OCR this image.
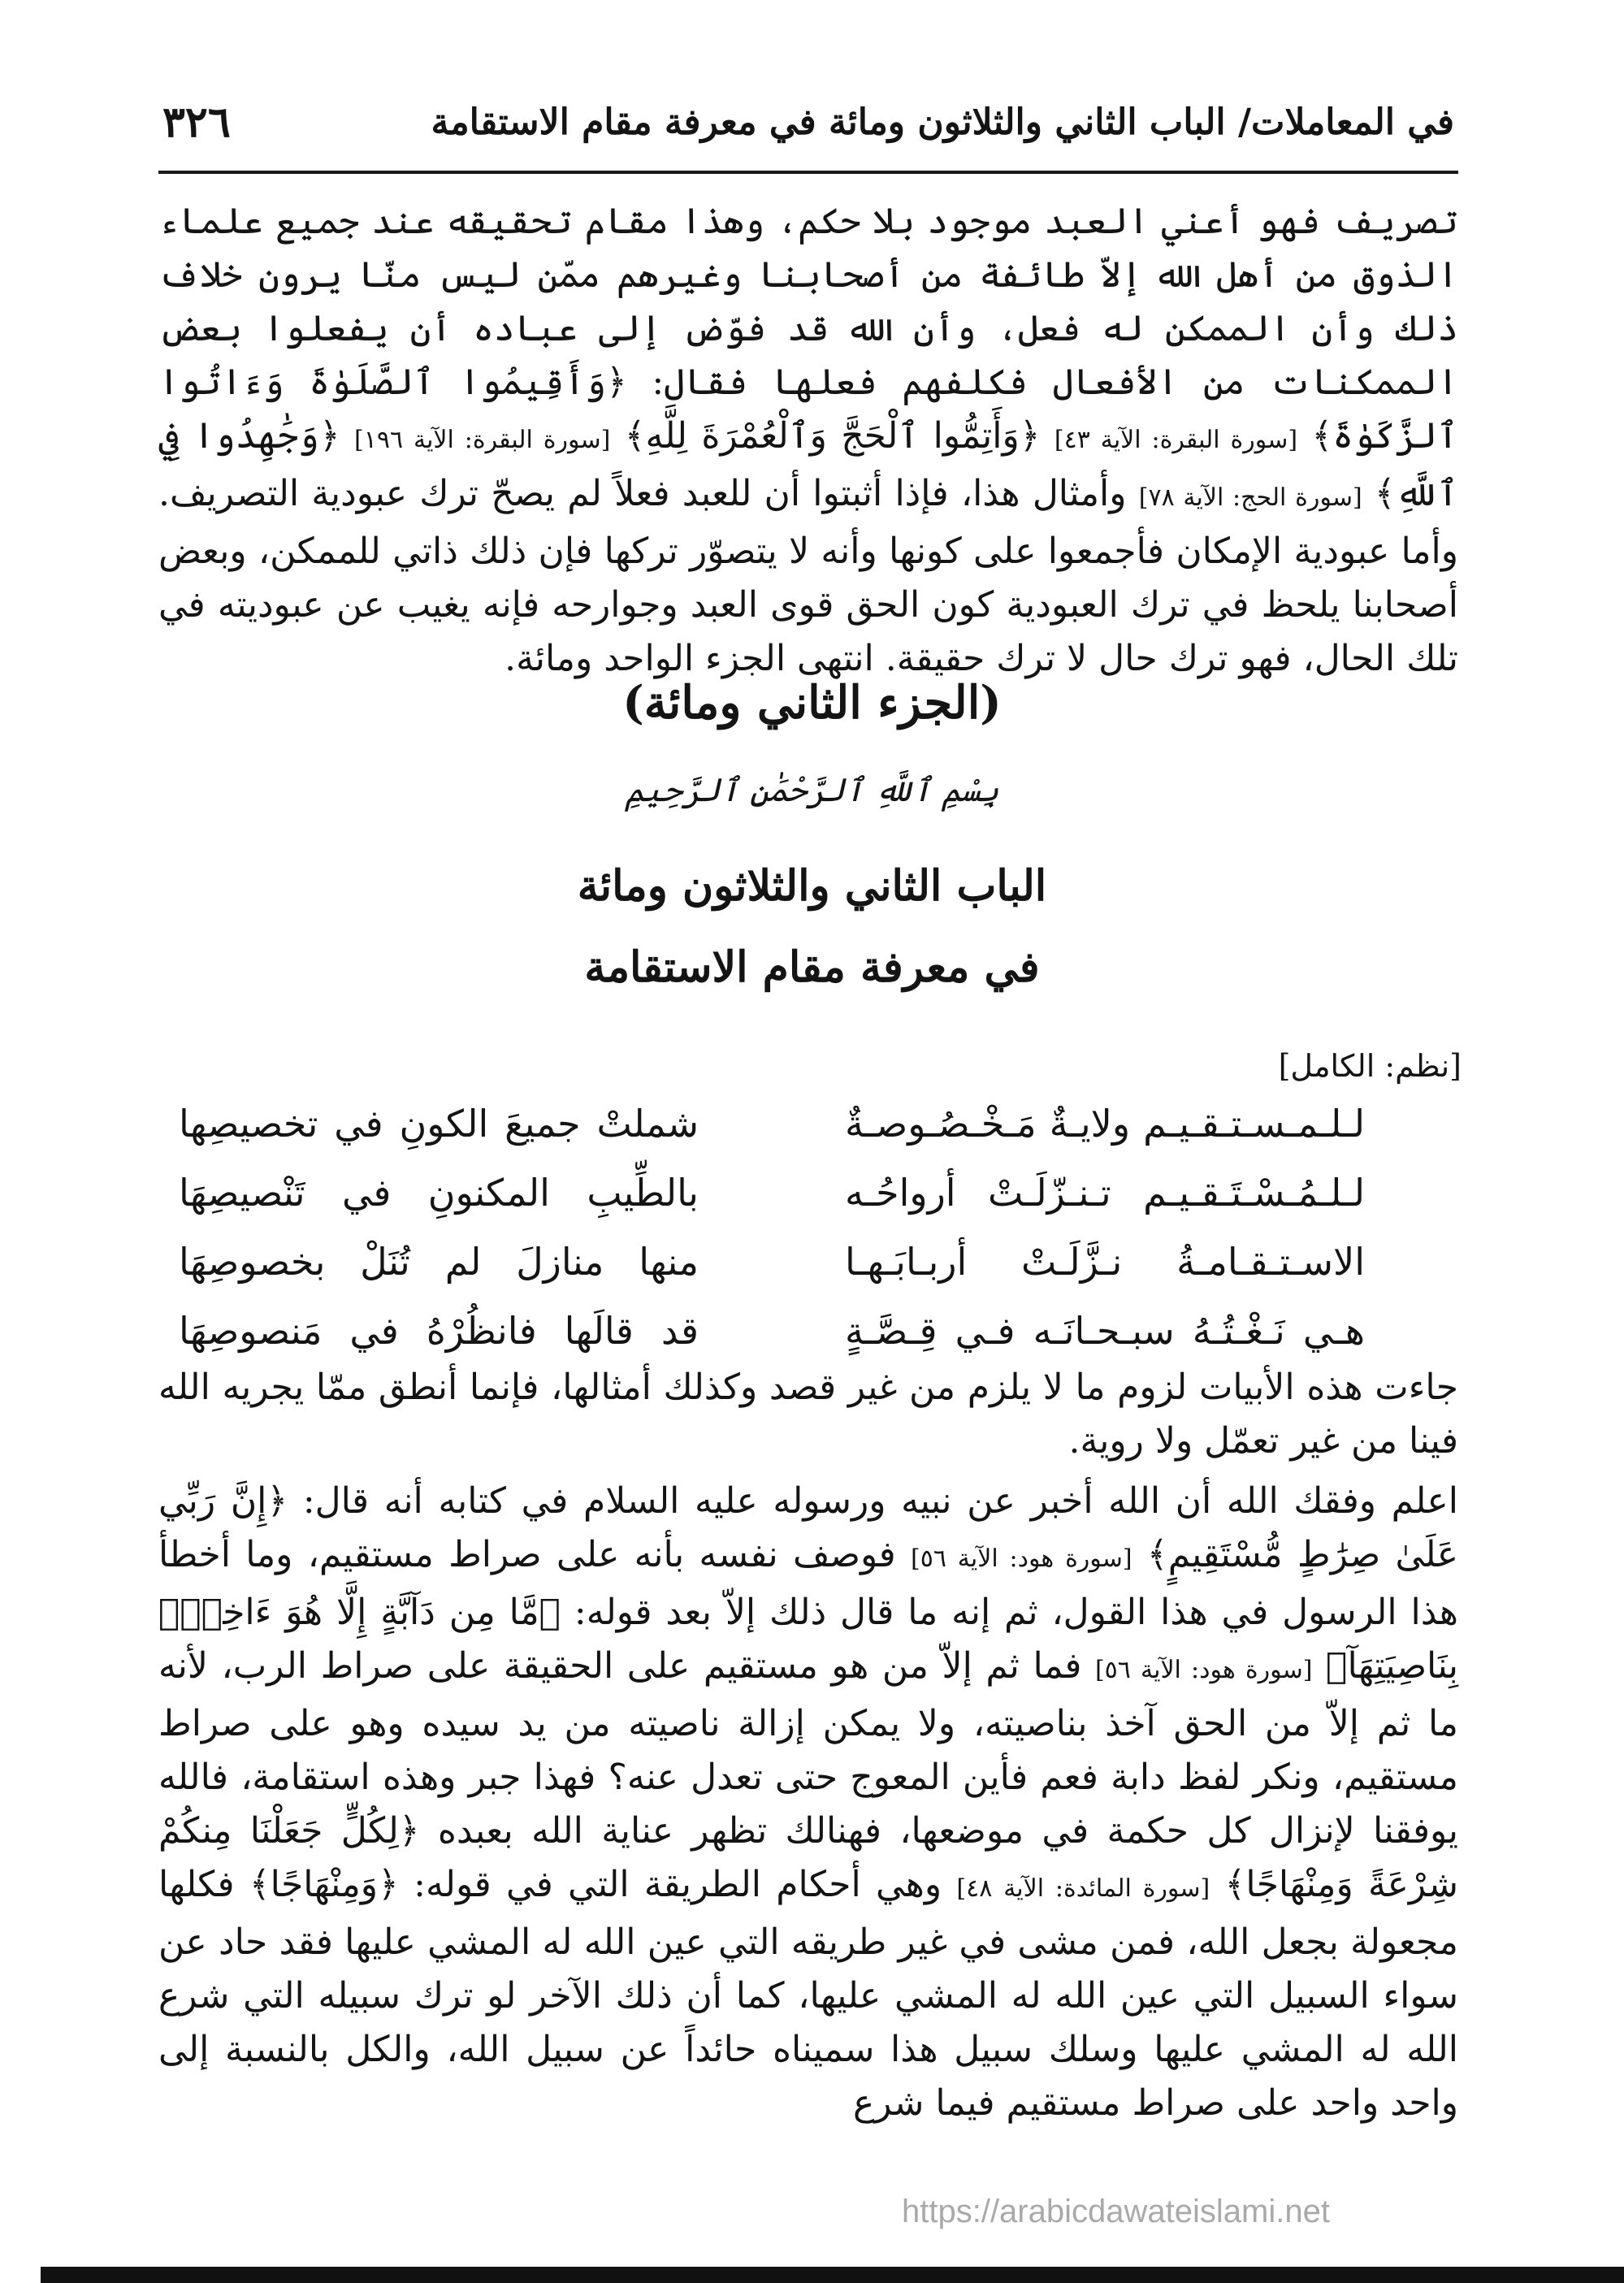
في المعاملات/ الباب الثاني والثلاثون ومائة في معرفة مقام الاستقامة
٣٢٦

تصريف فهو أعني العبد موجود بلا حكم، وهذا مقام تحقيقه عند جميع علماء الذوق من أهل الله إلاّ طائفة من أصحابنا وغيرهم ممّن ليس منّا يرون خلاف ذلك وأن الممكن له فعل، وأن الله قد فوّض إلى عباده أن يفعلوا بعض الممكنات من الأفعال فكلفهم فعلها فقال: ﴿وَأَقِيمُوا ٱلصَّلَوٰةَ وَءَاتُوا ٱلزَّكَوٰةَ﴾ [سورة البقرة: الآية ٤٣] ﴿وَأَتِمُّوا ٱلْحَجَّ وَٱلْعُمْرَةَ لِلَّهِ﴾ [سورة البقرة: الآية ١٩٦] ﴿وَجَٰهِدُوا فِي ٱللَّهِ﴾ [سورة الحج: الآية ٧٨] وأمثال هذا، فإذا أثبتوا أن للعبد فعلاً لم يصحّ ترك عبودية التصريف. وأما عبودية الإمكان فأجمعوا على كونها وأنه لا يتصوّر تركها فإن ذلك ذاتي للممكن، وبعض أصحابنا يلحظ في ترك العبودية كون الحق قوى العبد وجوارحه فإنه يغيب عن عبوديته في تلك الحال، فهو ترك حال لا ترك حقيقة. انتهى الجزء الواحد ومائة.

(الجزء الثاني ومائة)

بِسْمِ ٱللَّهِ ٱلرَّحْمَٰنِ ٱلرَّحِيمِ

الباب الثاني والثلاثون ومائة

في معرفة مقام الاستقامة

[نظم: الكامل]

لـلـمـسـتـقـيـم ولايـةٌ مَـخْـصُـوصـةٌ
شملتْ جميعَ الكونِ في تخصيصِها
لـلـمُـسْـتَـقـيـم تـنـزّلَـتْ أرواحُـه
بالطِّيبِ المكنونِ في تَنْصيصِهَا
الاسـتـقـامـةُ نـزَّلَـتْ أربـابَـهـا
منها منازلَ لم تُنَلْ بخصوصِهَا
هـي نَـغْـتُـهُ سبـحـانَـه فـي قِـصَّـةٍ
قد قالَها فانظُرْهُ في مَنصوصِهَا

جاءت هذه الأبيات لزوم ما لا يلزم من غير قصد وكذلك أمثالها، فإنما أنطق ممّا يجريه الله فينا من غير تعمّل ولا روية.

اعلم وفقك الله أن الله أخبر عن نبيه ورسوله عليه السلام في كتابه أنه قال: ﴿إِنَّ رَبِّي عَلَىٰ صِرَٰطٍ مُّسْتَقِيمٍ﴾ [سورة هود: الآية ٥٦] فوصف نفسه بأنه على صراط مستقيم، وما أخطأ هذا الرسول في هذا القول، ثم إنه ما قال ذلك إلاّ بعد قوله: ﴿مَّا مِن دَآبَّةٍ إِلَّا هُوَ ءَاخِذٌۢ بِنَاصِيَتِهَآ﴾ [سورة هود: الآية ٥٦] فما ثم إلاّ من هو مستقيم على الحقيقة على صراط الرب، لأنه ما ثم إلاّ من الحق آخذ بناصيته، ولا يمكن إزالة ناصيته من يد سيده وهو على صراط مستقيم، ونكر لفظ دابة فعم فأين المعوج حتى تعدل عنه؟ فهذا جبر وهذه استقامة، فالله يوفقنا لإنزال كل حكمة في موضعها، فهنالك تظهر عناية الله بعبده ﴿لِكُلٍّ جَعَلْنَا مِنكُمْ شِرْعَةً وَمِنْهَاجًا﴾ [سورة المائدة: الآية ٤٨] وهي أحكام الطريقة التي في قوله: ﴿وَمِنْهَاجًا﴾ فكلها مجعولة بجعل الله، فمن مشى في غير طريقه التي عين الله له المشي عليها فقد حاد عن سواء السبيل التي عين الله له المشي عليها، كما أن ذلك الآخر لو ترك سبيله التي شرع الله له المشي عليها وسلك سبيل هذا سميناه حائداً عن سبيل الله، والكل بالنسبة إلى واحد واحد على صراط مستقيم فيما شرع

https://arabicdawateislami.net
